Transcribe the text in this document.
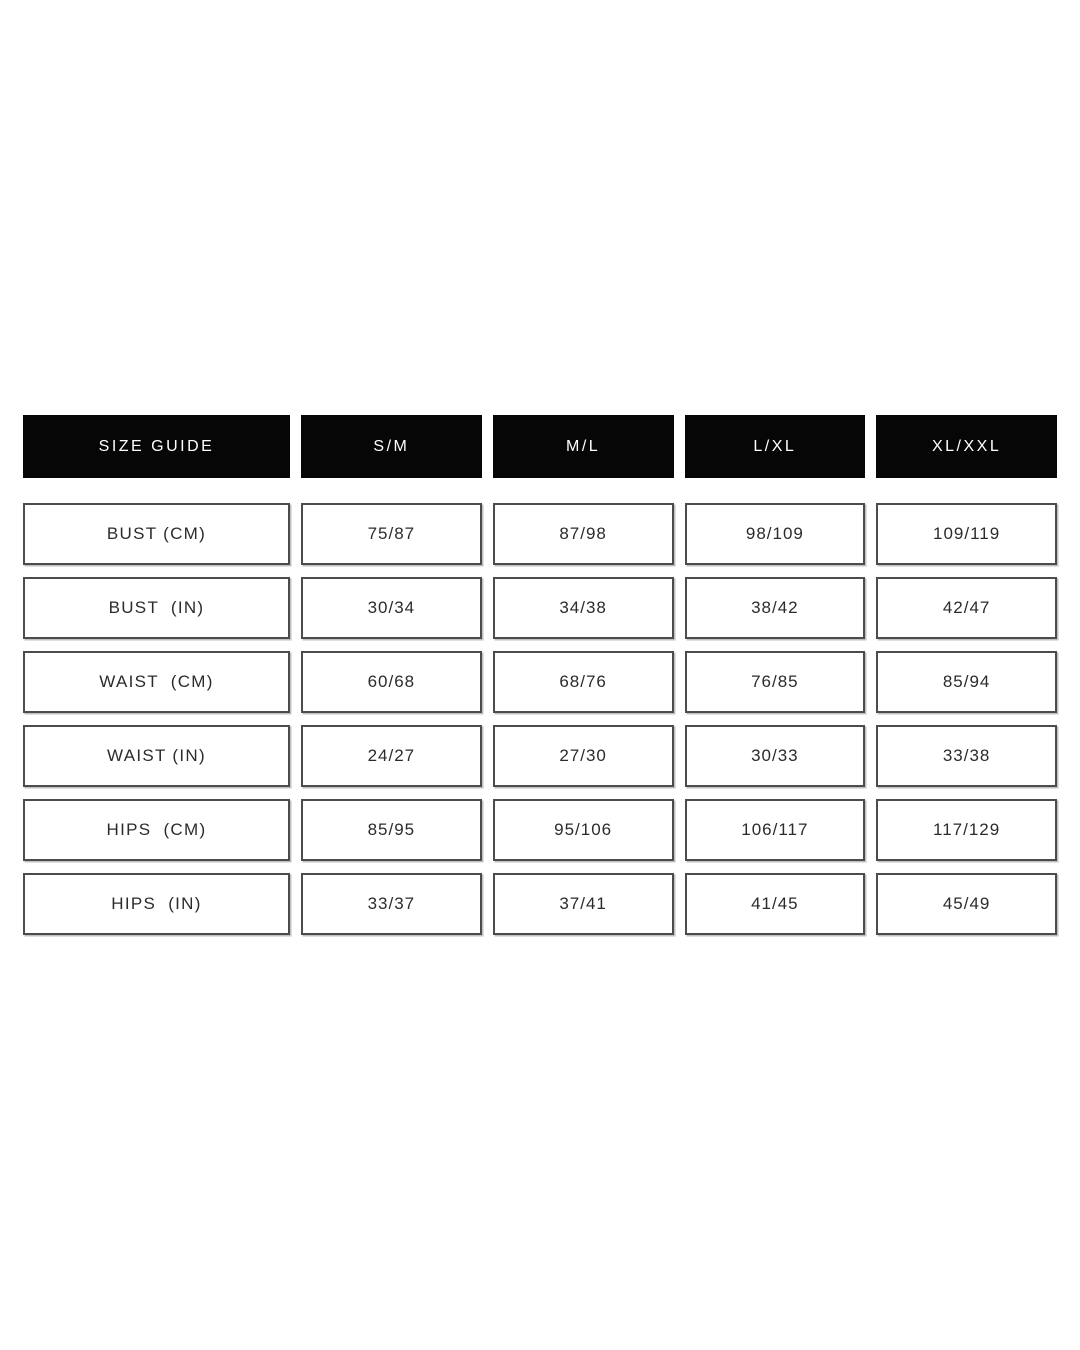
SIZE GUIDE	S/M	M/L	L/XL	XL/XXL
BUST (CM)	75/87	87/98	98/109	109/119
BUST  (IN)	30/34	34/38	38/42	42/47
WAIST  (CM)	60/68	68/76	76/85	85/94
WAIST (IN)	24/27	27/30	30/33	33/38
HIPS  (CM)	85/95	95/106	106/117	117/129
HIPS  (IN)	33/37	37/41	41/45	45/49
